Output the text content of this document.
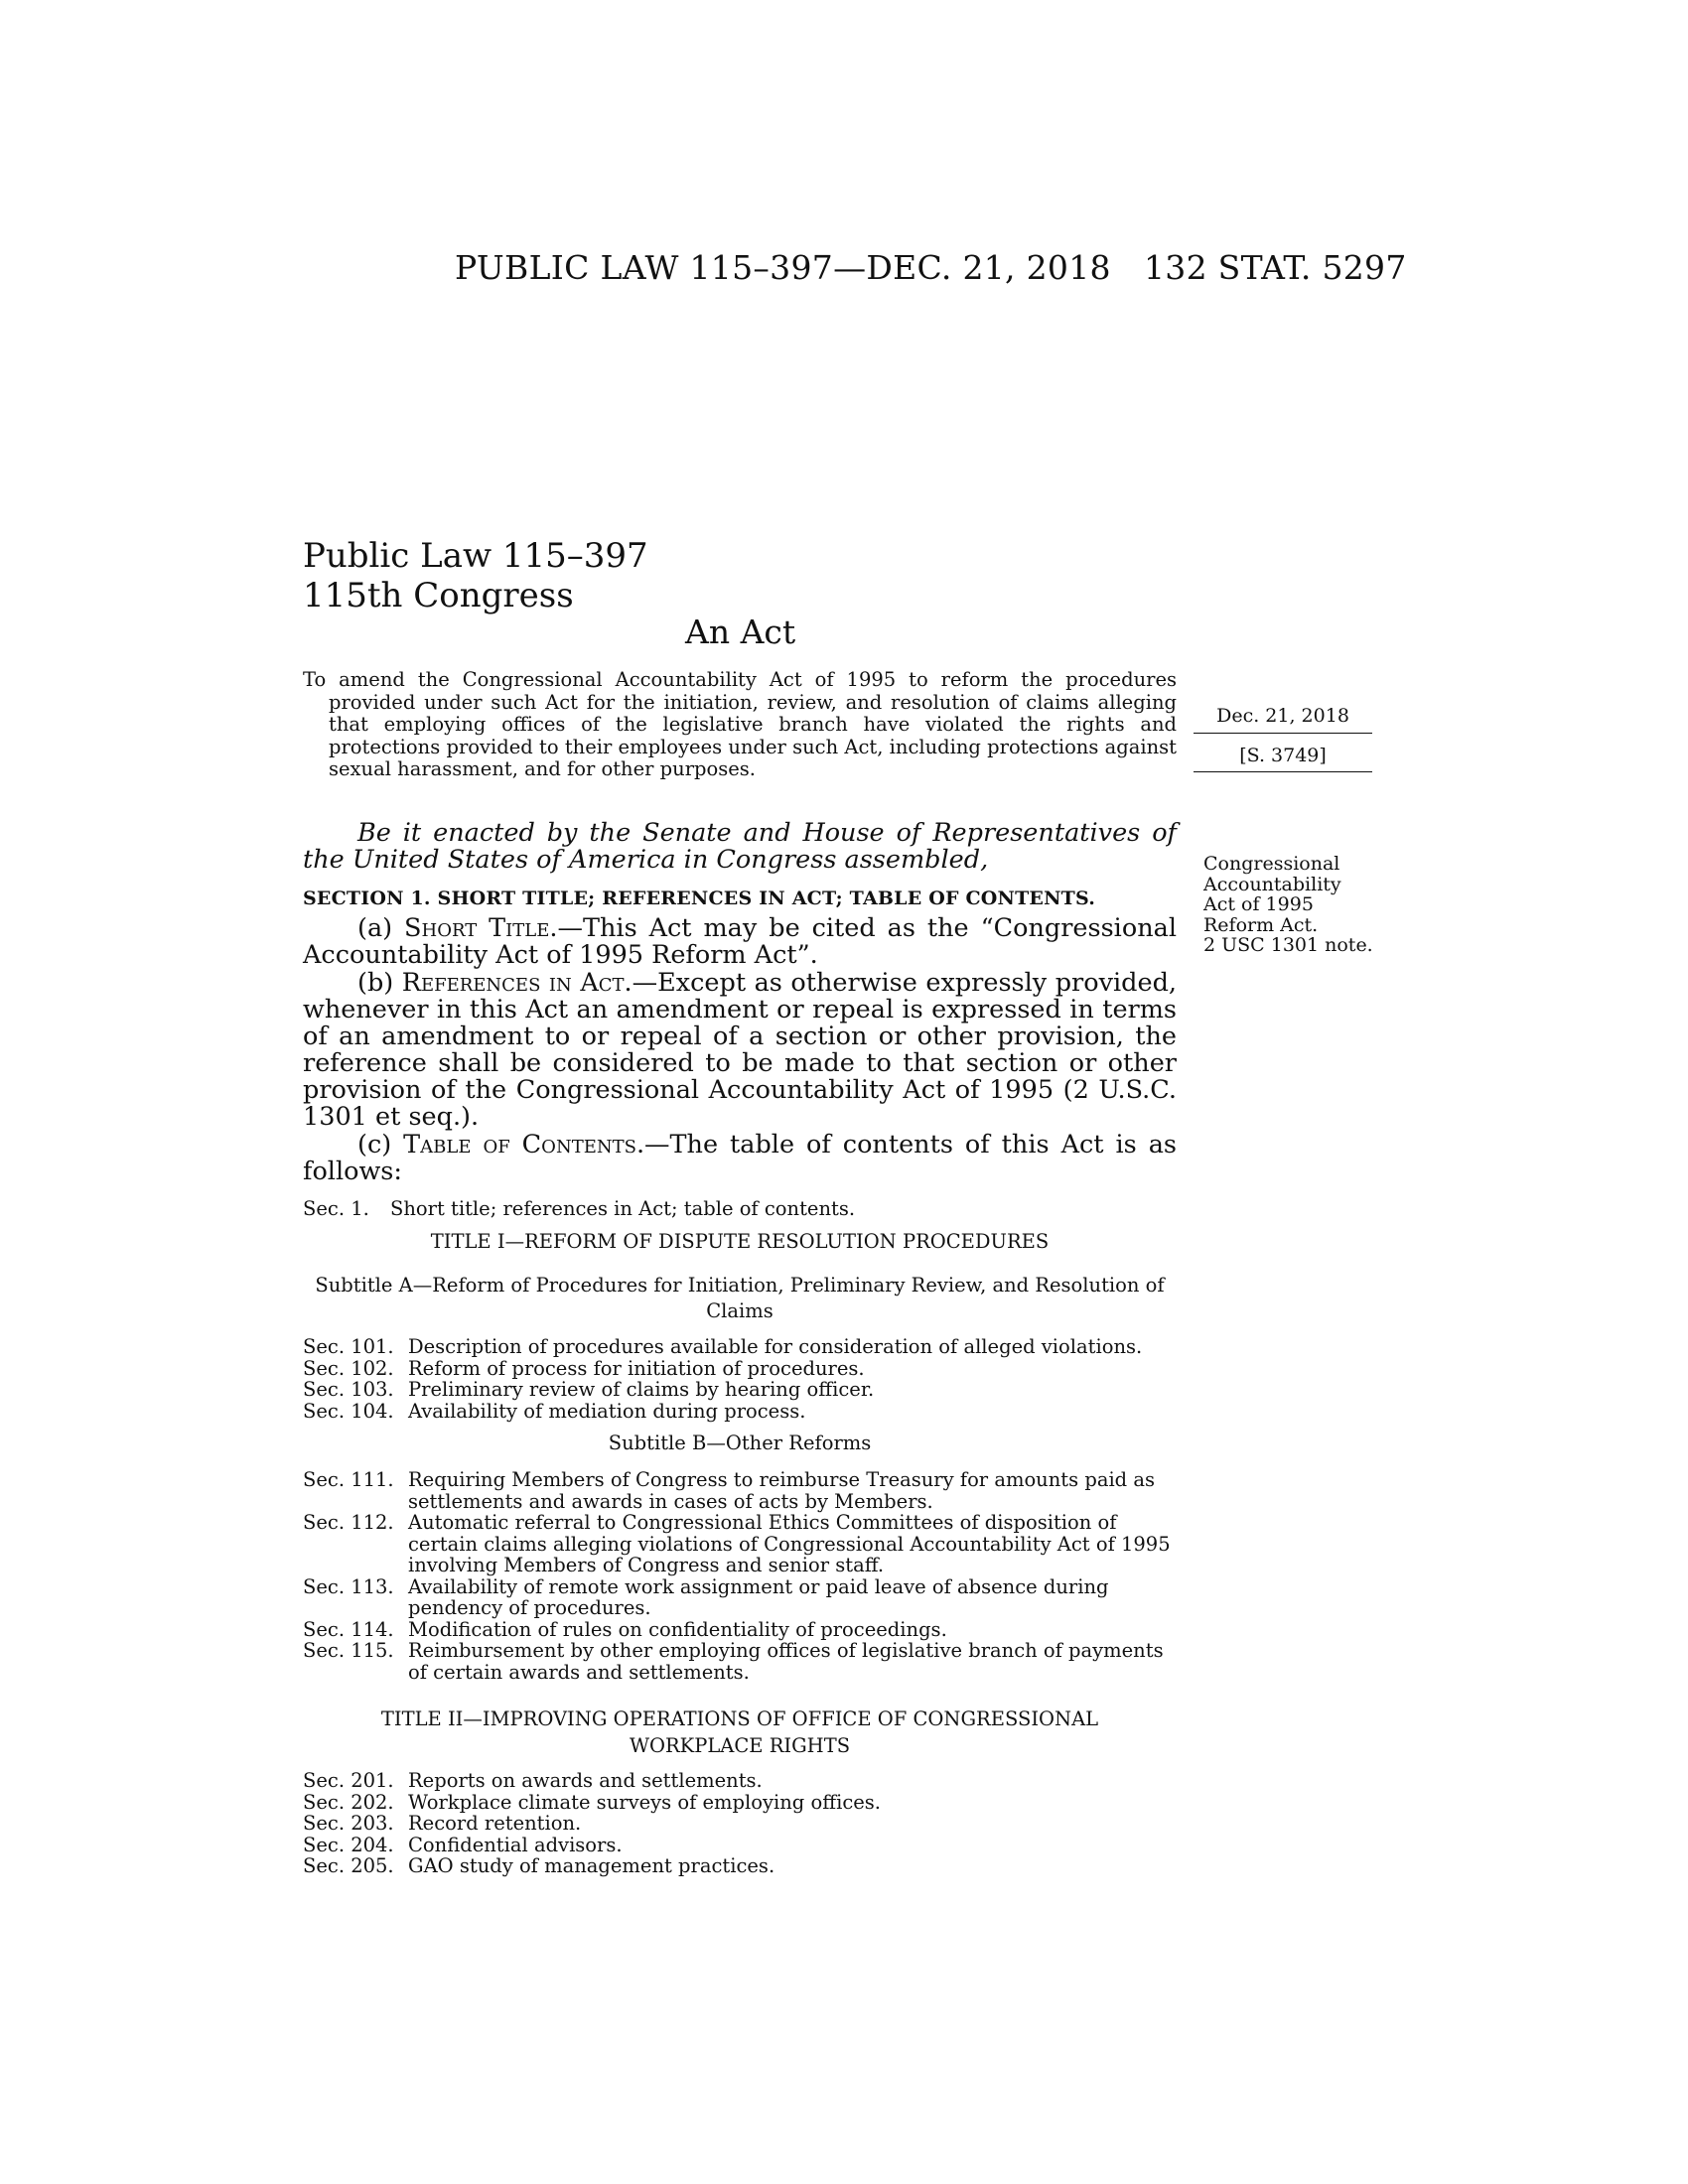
PUBLIC LAW 115–397—DEC. 21, 2018 132 STAT. 5297
Public Law 115–397
115th Congress
An Act
To amend the Congressional Accountability Act of 1995 to reform the procedures provided under such Act for the initiation, review, and resolution of claims alleging that employing offices of the legislative branch have violated the rights and protections provided to their employees under such Act, including protections against sexual harassment, and for other purposes.
Dec. 21, 2018
[S. 3749]
Congressional
Accountability
Act of 1995
Reform Act.
2 USC 1301 note.
Be it enacted by the Senate and House of Representatives of the United States of America in Congress assembled,
SECTION 1. SHORT TITLE; REFERENCES IN ACT; TABLE OF CONTENTS.
(a) Short Title.—This Act may be cited as the “Congressional Accountability Act of 1995 Reform Act”.
(b) References in Act.—Except as otherwise expressly provided, whenever in this Act an amendment or repeal is expressed in terms of an amendment to or repeal of a section or other provision, the reference shall be considered to be made to that section or other provision of the Congressional Accountability Act of 1995 (2 U.S.C. 1301 et seq.).
(c) Table of Contents.—The table of contents of this Act is as follows:
Sec. 1.	Short title; references in Act; table of contents.
TITLE I—REFORM OF DISPUTE RESOLUTION PROCEDURES
Subtitle A—Reform of Procedures for Initiation, Preliminary Review, and Resolution of Claims
Sec. 101. Description of procedures available for consideration of alleged violations.
Sec. 102. Reform of process for initiation of procedures.
Sec. 103. Preliminary review of claims by hearing officer.
Sec. 104. Availability of mediation during process.
Subtitle B—Other Reforms
Sec. 111. Requiring Members of Congress to reimburse Treasury for amounts paid as settlements and awards in cases of acts by Members.
Sec. 112. Automatic referral to Congressional Ethics Committees of disposition of certain claims alleging violations of Congressional Accountability Act of 1995 involving Members of Congress and senior staff.
Sec. 113. Availability of remote work assignment or paid leave of absence during pendency of procedures.
Sec. 114. Modification of rules on confidentiality of proceedings.
Sec. 115. Reimbursement by other employing offices of legislative branch of payments of certain awards and settlements.
TITLE II—IMPROVING OPERATIONS OF OFFICE OF CONGRESSIONAL WORKPLACE RIGHTS
Sec. 201. Reports on awards and settlements.
Sec. 202. Workplace climate surveys of employing offices.
Sec. 203. Record retention.
Sec. 204. Confidential advisors.
Sec. 205. GAO study of management practices.
